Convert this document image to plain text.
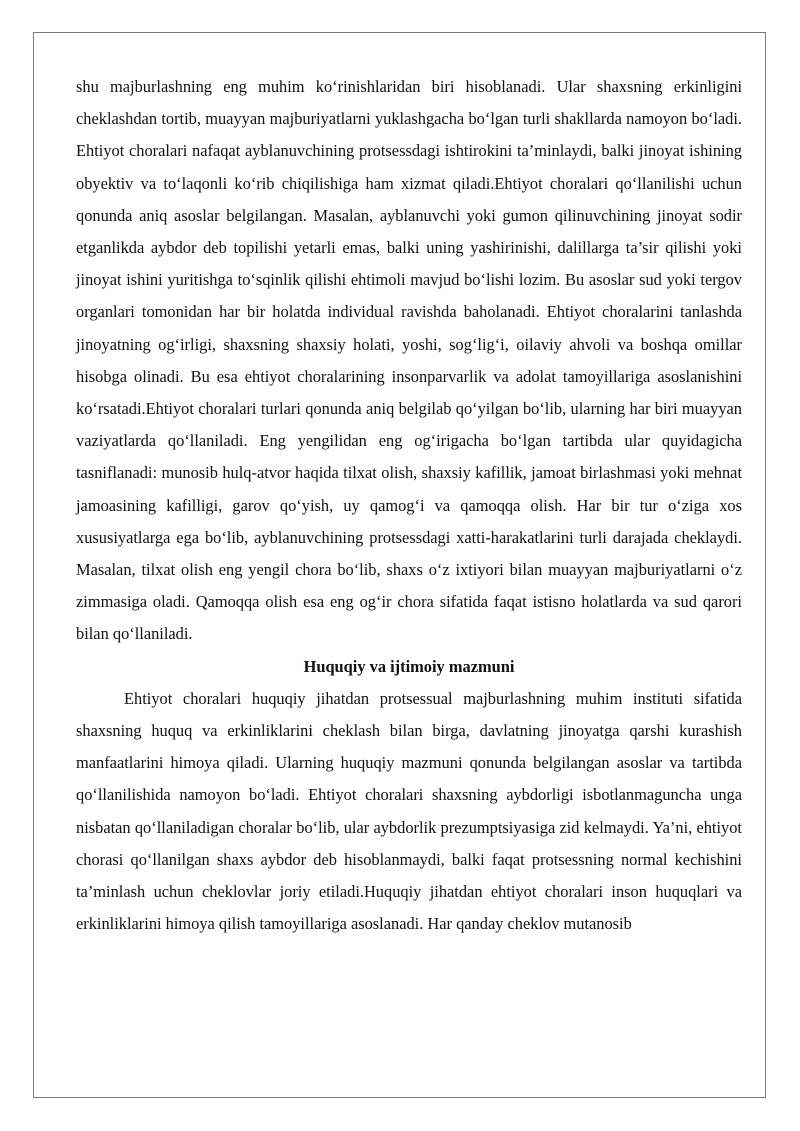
shu majburlashning eng muhim ko‘rinishlaridan biri hisoblanadi. Ular shaxsning erkinligini cheklashdan tortib, muayyan majburiyatlarni yuklashgacha bo‘lgan turli shakllarda namoyon bo‘ladi. Ehtiyot choralari nafaqat ayblanuvchining protsessdagi ishtirokini ta’minlaydi, balki jinoyat ishining obyektiv va to‘laqonli ko‘rib chiqilishiga ham xizmat qiladi.Ehtiyot choralari qo‘llanilishi uchun qonunda aniq asoslar belgilangan. Masalan, ayblanuvchi yoki gumon qilinuvchining jinoyat sodir etganlikda aybdor deb topilishi yetarli emas, balki uning yashirinishi, dalillarga ta’sir qilishi yoki jinoyat ishini yuritishga to‘sqinlik qilishi ehtimoli mavjud bo‘lishi lozim. Bu asoslar sud yoki tergov organlari tomonidan har bir holatda individual ravishda baholanadi. Ehtiyot choralarini tanlashda jinoyatning og‘irligi, shaxsning shaxsiy holati, yoshi, sog‘lig‘i, oilaviy ahvoli va boshqa omillar hisobga olinadi. Bu esa ehtiyot choralarining insonparvarlik va adolat tamoyillariga asoslanishini ko‘rsatadi.Ehtiyot choralari turlari qonunda aniq belgilab qo‘yilgan bo‘lib, ularning har biri muayyan vaziyatlarda qo‘llaniladi. Eng yengilidan eng og‘irigacha bo‘lgan tartibda ular quyidagicha tasniflanadi: munosib hulq-atvor haqida tilxat olish, shaxsiy kafillik, jamoat birlashmasi yoki mehnat jamoasining kafilligi, garov qo‘yish, uy qamog‘i va qamoqqa olish. Har bir tur o‘ziga xos xususiyatlarga ega bo‘lib, ayblanuvchining protsessdagi xatti-harakatlarini turli darajada cheklaydi. Masalan, tilxat olish eng yengil chora bo‘lib, shaxs o‘z ixtiyori bilan muayyan majburiyatlarni o‘z zimmasiga oladi. Qamoqqa olish esa eng og‘ir chora sifatida faqat istisno holatlarda va sud qarori bilan qo‘llaniladi.

Huquqiy va ijtimoiy mazmuni

Ehtiyot choralari huquqiy jihatdan protsessual majburlashning muhim instituti sifatida shaxsning huquq va erkinliklarini cheklash bilan birga, davlatning jinoyatga qarshi kurashish manfaatlarini himoya qiladi. Ularning huquqiy mazmuni qonunda belgilangan asoslar va tartibda qo‘llanilishida namoyon bo‘ladi. Ehtiyot choralari shaxsning aybdorligi isbotlanmaguncha unga nisbatan qo‘llaniladigan choralar bo‘lib, ular aybdorlik prezumptsiyasiga zid kelmaydi. Ya’ni, ehtiyot chorasi qo‘llanilgan shaxs aybdor deb hisoblanmaydi, balki faqat protsessning normal kechishini ta’minlash uchun cheklovlar joriy etiladi.Huquqiy jihatdan ehtiyot choralari inson huquqlari va erkinliklarini himoya qilish tamoyillariga asoslanadi. Har qanday cheklov mutanosib
